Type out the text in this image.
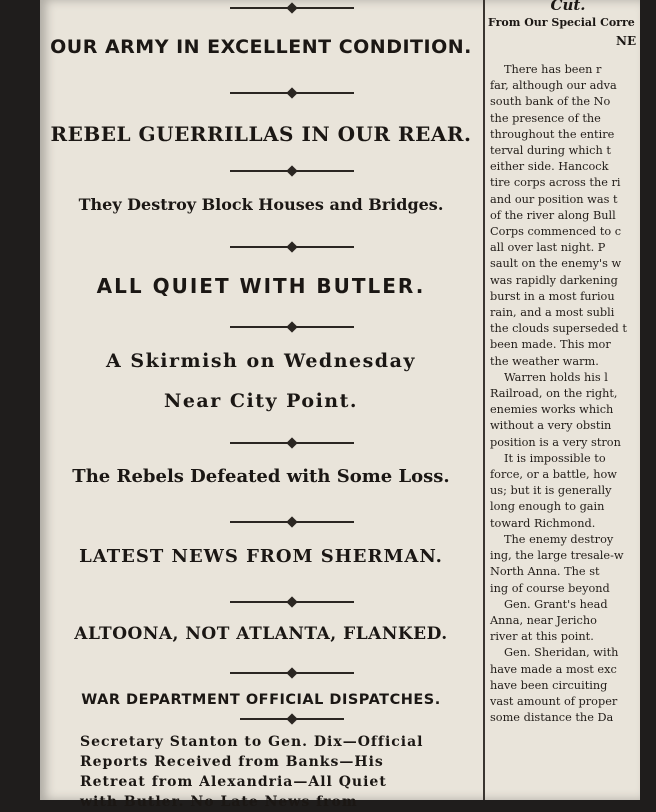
OUR ARMY IN EXCELLENT CONDITION.
REBEL GUERRILLAS IN OUR REAR.
They Destroy Block Houses and Bridges.
ALL QUIET WITH BUTLER.
A Skirmish on Wednesday
Near City Point.
The Rebels Defeated with Some Loss.
LATEST NEWS FROM SHERMAN.
ALTOONA, NOT ATLANTA, FLANKED.
WAR DEPARTMENT OFFICIAL DISPATCHES.
Secretary Stanton to Gen. Dix—Official
Reports Received from Banks—His
Retreat from Alexandria—All Quiet
with Butler. No Late News from
Cut.
From Our Special Corre
NE
There has been r
far, although our adva
south bank of the No
the presence of the
throughout the entire
terval during which t
either side. Hancock
tire corps across the ri
and our position was t
of the river along Bull
Corps commenced to c
all over last night. P
sault on the enemy's w
was rapidly darkening
burst in a most furiou
rain, and a most subli
the clouds superseded t
been made. This mor
the weather warm.
Warren holds his l
Railroad, on the right,
enemies works which
without a very obstin
position is a very stron
It is impossible to
force, or a battle, how
us; but it is generally
long enough to gain
toward Richmond.
The enemy destroy
ing, the large tresale-w
North Anna. The st
ing of course beyond
Gen. Grant's head
Anna, near Jericho
river at this point.
Gen. Sheridan, with
have made a most exc
have been circuiting
vast amount of proper
some distance the Da
